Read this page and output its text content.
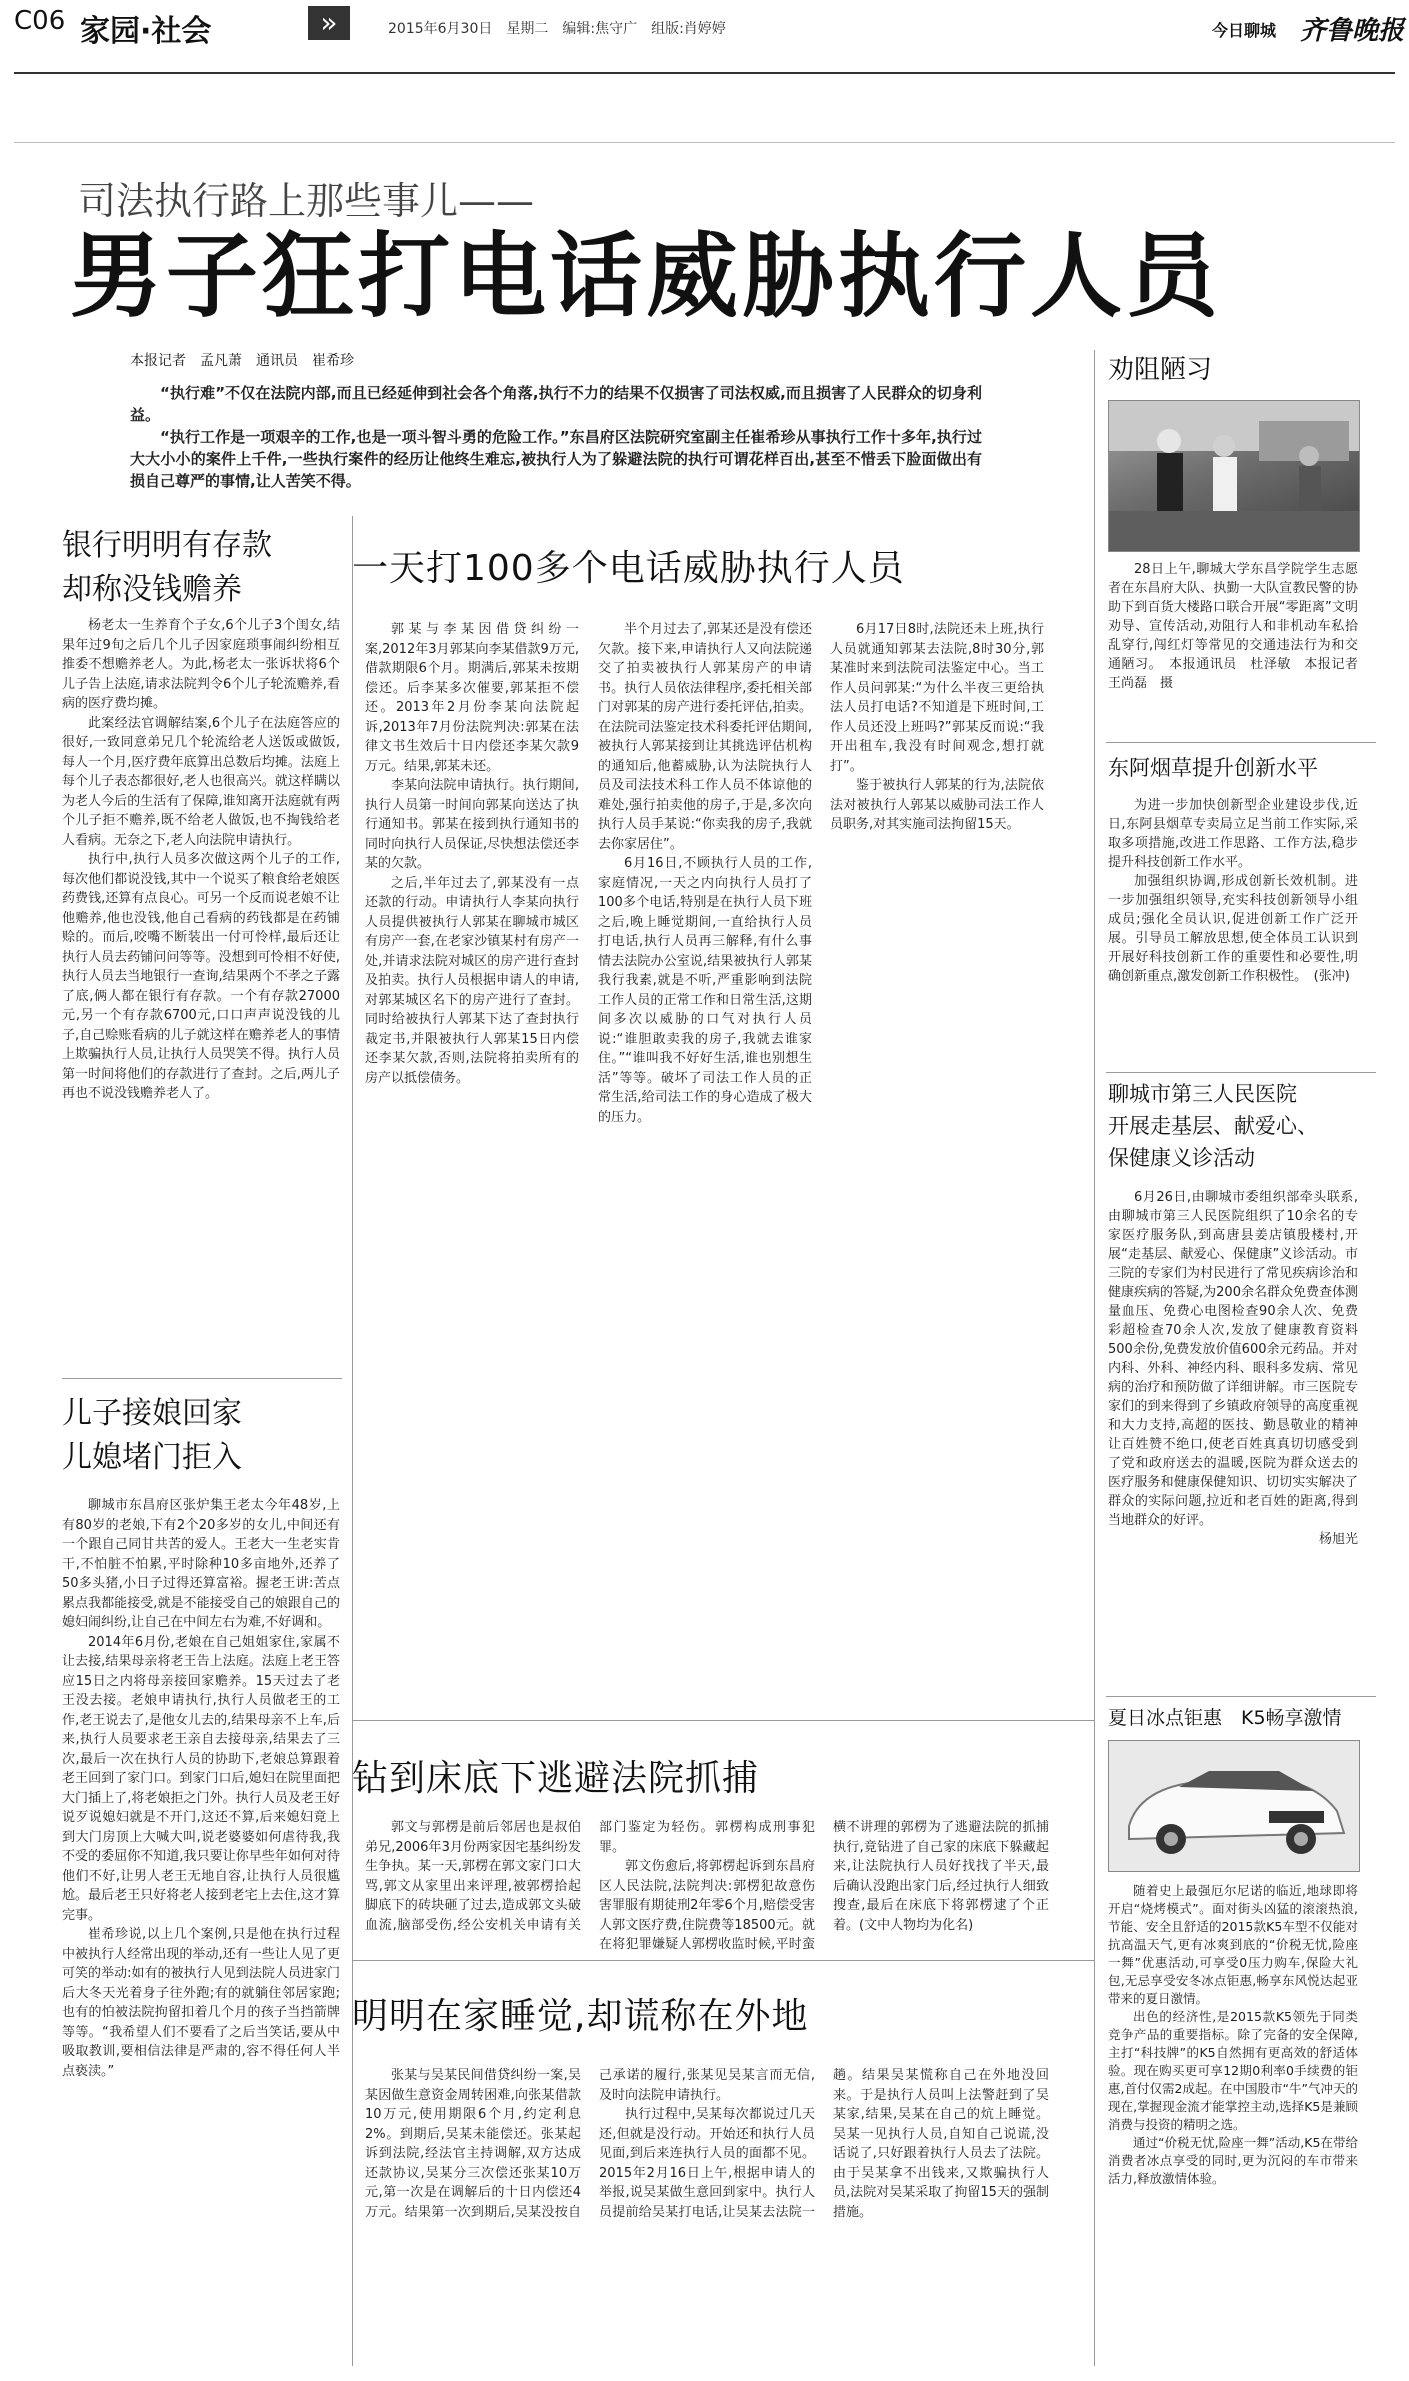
C06 家园·社会	»	2015年6月30日　星期二　编辑:焦守广　组版:肖婷婷	今日聊城 齐鲁晚报
司法执行路上那些事儿——
男子狂打电话威胁执行人员
本报记者　孟凡萧　通讯员　崔希珍

“执行难”不仅在法院内部,而且已经延伸到社会各个角落,执行不力的结果不仅损害了司法权威,而且损害了人民群众的切身利益。

“执行工作是一项艰辛的工作,也是一项斗智斗勇的危险工作。”东昌府区法院研究室副主任崔希珍从事执行工作十多年,执行过大大小小的案件上千件,一些执行案件的经历让他终生难忘,被执行人为了躲避法院的执行可谓花样百出,甚至不惜丢下脸面做出有损自己尊严的事情,让人苦笑不得。

银行明明有存款
却称没钱赡养

杨老太一生养育个子女,6个儿子3个闺女,结果年过9旬之后几个儿子因家庭琐事闹纠纷相互推委不想赡养老人。为此,杨老太一张诉状将6个儿子告上法庭,请求法院判令6个儿子轮流赡养,看病的医疗费均摊。

此案经法官调解结案,6个儿子在法庭答应的很好,一致同意弟兄几个轮流给老人送饭或做饭,每人一个月,医疗费年底算出总数后均摊。法庭上每个儿子表态都很好,老人也很高兴。就这样瞒以为老人今后的生活有了保障,谁知离开法庭就有两个儿子拒不赡养,既不给老人做饭,也不掏钱给老人看病。无奈之下,老人向法院申请执行。

执行中,执行人员多次做这两个儿子的工作,每次他们都说没钱,其中一个说买了粮食给老娘医药费钱,还算有点良心。可另一个反而说老娘不让他赡养,他也没钱,他自己看病的药钱都是在药铺赊的。而后,咬嘴不断装出一付可怜样,最后还让执行人员去药铺问问等等。没想到可怜相不好使,执行人员去当地银行一查询,结果两个不孝之子露了底,俩人都在银行有存款。一个有存款27000元,另一个有存款6700元,口口声声说没钱的儿子,自己赊账看病的儿子就这样在赡养老人的事情上欺骗执行人员,让执行人员哭笑不得。执行人员第一时间将他们的存款进行了查封。之后,两儿子再也不说没钱赡养老人了。

儿子接娘回家
儿媳堵门拒入

聊城市东昌府区张炉集王老太今年48岁,上有80岁的老娘,下有2个20多岁的女儿,中间还有一个跟自己同甘共苦的爱人。王老大一生老实肯干,不怕脏不怕累,平时除种10多亩地外,还养了50多头猪,小日子过得还算富裕。握老王讲:苦点累点我都能接受,就是不能接受自己的娘跟自己的媳妇闹纠纷,让自己在中间左右为难,不好调和。

2014年6月份,老娘在自己姐姐家住,家属不让去接,结果母亲将老王告上法庭。法庭上老王答应15日之内将母亲接回家赡养。15天过去了老王没去接。老娘申请执行,执行人员做老王的工作,老王说去了,是他女儿去的,结果母亲不上车,后来,执行人员要求老王亲自去接母亲,结果去了三次,最后一次在执行人员的协助下,老娘总算跟着老王回到了家门口。到家门口后,媳妇在院里面把大门插上了,将老娘拒之门外。执行人员及老王好说歹说媳妇就是不开门,这还不算,后来媳妇竟上到大门房顶上大喊大叫,说老婆婆如何虐待我,我不受的委屈你不知道,我只要让你早些年如何对待他们不好,让男人老王无地自容,让执行人员很尴尬。最后老王只好将老人接到老宅上去住,这才算完事。

崔希珍说,以上几个案例,只是他在执行过程中被执行人经常出现的举动,还有一些让人见了更可笑的举动:如有的被执行人见到法院人员进家门后大冬天光着身子往外跑;有的就躺住邻居家跑;也有的怕被法院拘留扣着几个月的孩子当挡箭牌等等。“我希望人们不要看了之后当笑话,要从中吸取教训,要相信法律是严肃的,容不得任何人半点亵渎。”

一天打100多个电话威胁执行人员

郭某与李某因借贷纠纷一案,2012年3月郭某向李某借款9万元,借款期限6个月。期满后,郭某未按期偿还。后李某多次催要,郭某拒不偿还。2013年2月份李某向法院起诉,2013年7月份法院判决:郭某在法律文书生效后十日内偿还李某欠款9万元。结果,郭某未还。

李某向法院申请执行。执行期间,执行人员第一时间向郭某向送达了执行通知书。郭某在接到执行通知书的同时向执行人员保证,尽快想法偿还李某的欠款。

之后,半年过去了,郭某没有一点还款的行动。申请执行人李某向执行人员提供被执行人郭某在聊城市城区有房产一套,在老家沙镇某村有房产一处,并请求法院对城区的房产进行查封及拍卖。执行人员根据申请人的申请,对郭某城区名下的房产进行了查封。同时给被执行人郭某下达了查封执行裁定书,并限被执行人郭某15日内偿还李某欠款,否则,法院将拍卖所有的房产以抵偿债务。

半个月过去了,郭某还是没有偿还欠款。接下来,申请执行人又向法院递交了拍卖被执行人郭某房产的申请书。执行人员依法律程序,委托相关部门对郭某的房产进行委托评估,拍卖。在法院司法鉴定技术科委托评估期间,被执行人郭某接到让其挑选评估机构的通知后,他蓄威胁,认为法院执行人员及司法技术科工作人员不体谅他的难处,强行拍卖他的房子,于是,多次向执行人员手某说:“你卖我的房子,我就去你家居住”。

6月16日,不顾执行人员的工作,家庭情况,一天之内向执行人员打了100多个电话,特别是在执行人员下班之后,晚上睡觉期间,一直给执行人员打电话,执行人员再三解释,有什么事情去法院办公室说,结果被执行人郭某我行我素,就是不听,严重影响到法院工作人员的正常工作和日常生活,这期间多次以威胁的口气对执行人员说:“谁胆敢卖我的房子,我就去谁家住。”“谁叫我不好好生活,谁也别想生活”等等。破坏了司法工作人员的正常生活,给司法工作的身心造成了极大的压力。

6月17日8时,法院还未上班,执行人员就通知郭某去法院,8时30分,郭某准时来到法院司法鉴定中心。当工作人员问郭某:“为什么半夜三更给执法人员打电话?不知道是下班时间,工作人员还没上班吗?”郭某反而说:“我开出租车,我没有时间观念,想打就打”。

鉴于被执行人郭某的行为,法院依法对被执行人郭某以威胁司法工作人员职务,对其实施司法拘留15天。

钻到床底下逃避法院抓捕

郭文与郭楞是前后邻居也是叔伯弟兄,2006年3月份两家因宅基纠纷发生争执。某一天,郭楞在郭文家门口大骂,郭文从家里出来评理,被郭楞拾起脚底下的砖块砸了过去,造成郭文头破血流,脑部受伤,经公安机关申请有关部门鉴定为轻伤。郭楞构成刑事犯罪。

郭文伤愈后,将郭楞起诉到东昌府区人民法院,法院判决:郭楞犯故意伤害罪服有期徒刑2年零6个月,赔偿受害人郭文医疗费,住院费等18500元。就在将犯罪嫌疑人郭楞收监时候,平时蛮横不讲理的郭楞为了逃避法院的抓捕执行,竟钻进了自己家的床底下躲藏起来,让法院执行人员好找找了半天,最后确认没跑出家门后,经过执行人细致搜查,最后在床底下将郭楞逮了个正着。(文中人物均为化名)

明明在家睡觉,却谎称在外地

张某与吴某民间借贷纠纷一案,吴某因做生意资金周转困难,向张某借款10万元,使用期限6个月,约定利息2%。到期后,吴某未能偿还。张某起诉到法院,经法官主持调解,双方达成还款协议,吴某分三次偿还张某10万元,第一次是在调解后的十日内偿还4万元。结果第一次到期后,吴某没按自己承诺的履行,张某见吴某言而无信,及时向法院申请执行。

执行过程中,吴某每次都说过几天还,但就是没行动。开始还和执行人员见面,到后来连执行人员的面都不见。2015年2月16日上午,根据申请人的举报,说吴某做生意回到家中。执行人员提前给吴某打电话,让吴某去法院一趟。结果吴某慌称自己在外地没回来。于是执行人员叫上法警赶到了吴某家,结果,吴某在自己的炕上睡觉。吴某一见执行人员,自知自己说谎,没话说了,只好跟着执行人员去了法院。由于吴某拿不出钱来,又欺骗执行人员,法院对吴某采取了拘留15天的强制措施。

劝阻陋习

28日上午,聊城大学东昌学院学生志愿者在东昌府大队、执勤一大队宣教民警的协助下到百货大楼路口联合开展“零距离”文明劝导、宣传活动,劝阻行人和非机动车私拾乱穿行,闯红灯等常见的交通违法行为和交通陋习。　本报通讯员　杜泽敏　本报记者　王尚磊　摄

东阿烟草提升创新水平

为进一步加快创新型企业建设步伐,近日,东阿县烟草专卖局立足当前工作实际,采取多项措施,改进工作思路、工作方法,稳步提升科技创新工作水平。

加强组织协调,形成创新长效机制。进一步加强组织领导,充实科技创新领导小组成员;强化全员认识,促进创新工作广泛开展。引导员工解放思想,使全体员工认识到开展好科技创新工作的重要性和必要性,明确创新重点,激发创新工作积极性。　(张冲)

聊城市第三人民医院
开展走基层、献爱心、
保健康义诊活动

6月26日,由聊城市委组织部牵头联系,由聊城市第三人民医院组织了10余名的专家医疗服务队,到高唐县姜店镇殷楼村,开展“走基层、献爱心、保健康”义诊活动。市三院的专家们为村民进行了常见疾病诊治和健康疾病的答疑,为200余名群众免费查体测量血压、免费心电图检查90余人次、免费彩超检查70余人次,发放了健康教育资料500余份,免费发放价值600余元药品。并对内科、外科、神经内科、眼科多发病、常见病的治疗和预防做了详细讲解。市三医院专家们的到来得到了乡镇政府领导的高度重视和大力支持,高超的医技、勤恳敬业的精神让百姓赞不绝口,使老百姓真真切切感受到了党和政府送去的温暖,医院为群众送去的医疗服务和健康保健知识、切切实实解决了群众的实际问题,拉近和老百姓的距离,得到当地群众的好评。

杨旭光

夏日冰点钜惠　K5畅享激情

随着史上最强厄尔尼诺的临近,地球即将开启“烧烤模式”。面对街头凶猛的滚滚热浪,节能、安全且舒适的2015款K5车型不仅能对抗高温天气,更有冰爽到底的“价税无忧,险座一舞”优惠活动,可享受0压力购车,保险大礼包,无忌享受安冬冰点钜惠,畅享东风悦达起亚带来的夏日激情。

出色的经济性,是2015款K5领先于同类竞争产品的重要指标。除了完备的安全保障,主打“科技牌”的K5自然拥有更高效的舒适体验。现在购买更可享12期0利率0手续费的钜惠,首付仅需2成起。在中国股市“牛”气冲天的现在,掌握现金流才能掌控主动,选择K5是兼顾消费与投资的精明之选。

通过“价税无忧,险座一舞”活动,K5在带给消费者冰点享受的同时,更为沉闷的车市带来活力,释放激情体验。
